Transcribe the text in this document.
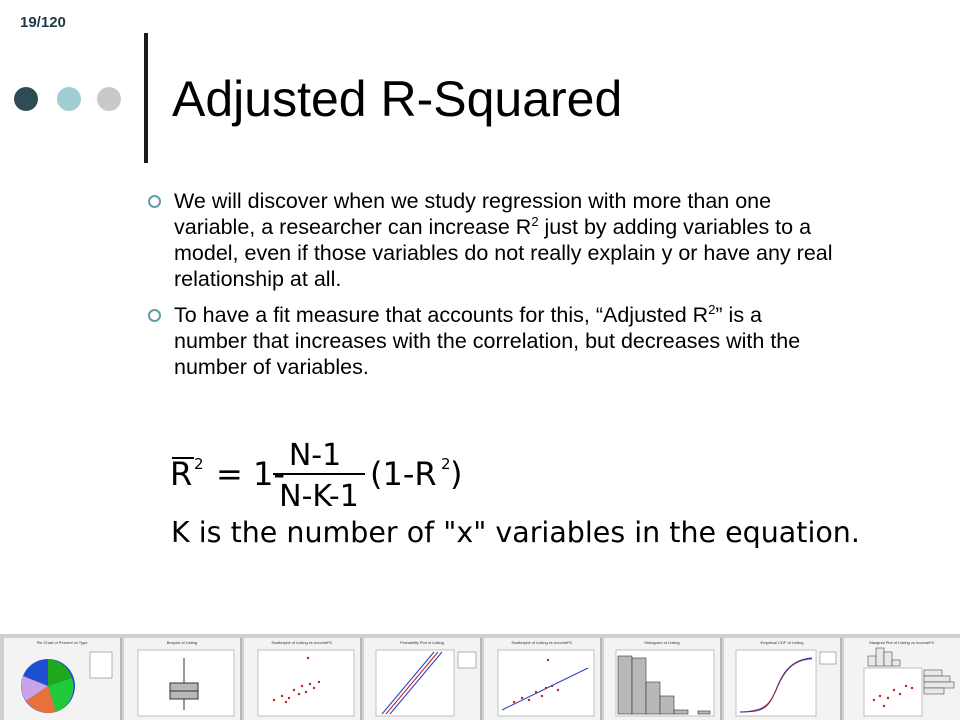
19/120
Adjusted R-Squared
We will discover when we study regression with more than one variable, a researcher can increase $R^2$ just by adding variables to a model, even if those variables do not really explain y or have any real relationship at all.
To have a fit measure that accounts for this, “Adjusted $R^2$” is a number that increases with the correlation, but decreases with the number of variables.
R 2 = 1- N-1
N-K-1
(1-R 2 )
K is the number of "x" variables in the equation.
Pie Chart of Percent vs Type	Boxplot of Listing	Scatterplot of Listing vs IncomePC	Probability Plot of Listing	Scatterplot of Listing vs IncomePC	Histogram of Listing	Empirical CDF of Listing	Marginal Plot of Listing vs IncomePC
